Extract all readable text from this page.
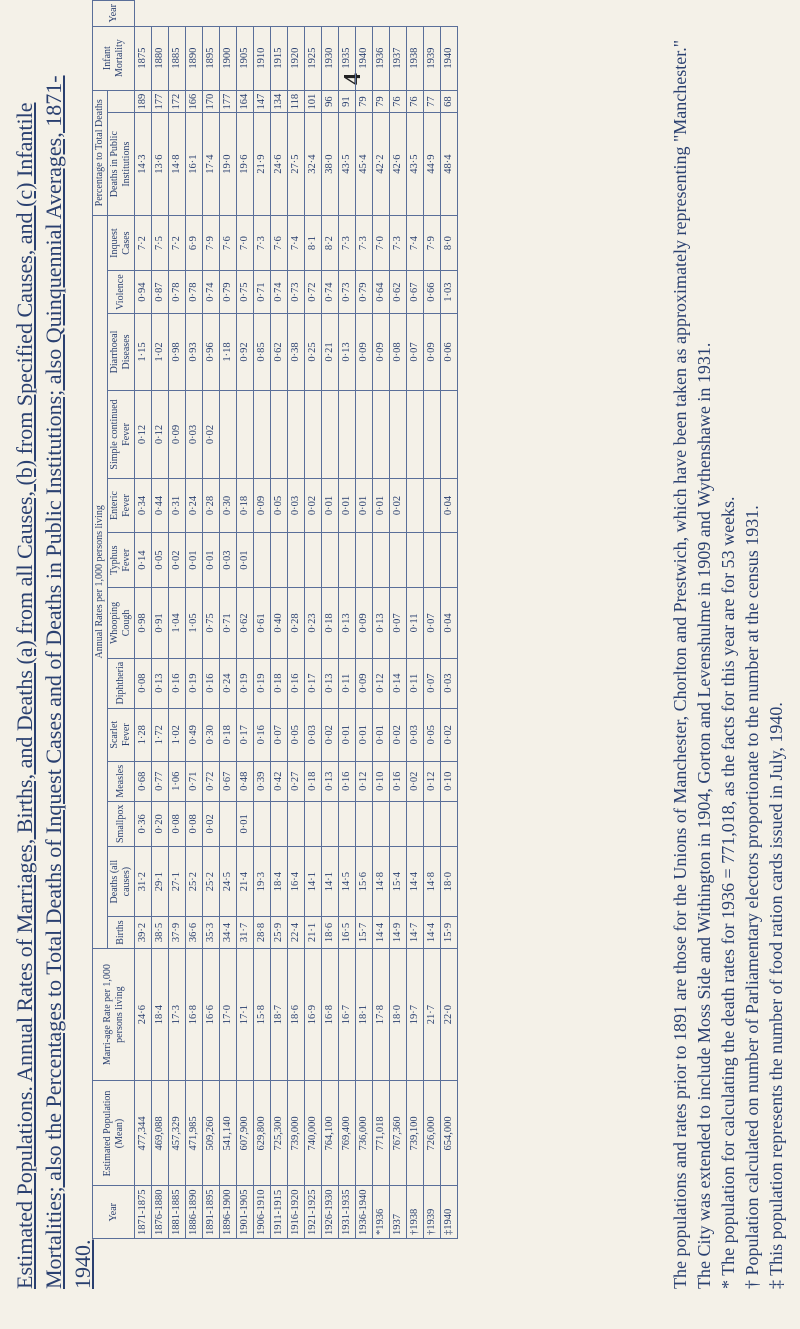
4
Estimated Populations. Annual Rates of Marriages, Births, and Deaths (a) from all Causes, (b) from Specified Causes, and (c) Infantile Mortalities; also the Percentages to Total Deaths of Inquest Cases and of Deaths in Public Institutions; also Quinquennial Averages, 1871-1940.
Year	Estimated Population (Mean)	Marri-age Rate per 1,000 persons living	Annual Rates per 1,000 persons living													Percentage to Total Deaths		Infant Mortality	Year
			Births	Deaths (all causes)	Smallpox	Measles	Scarlet Fever	Diphtheria	Whooping Cough	Typhus Fever	Enteric Fever	Simple continued Fever	Diarrhoeal Diseases	Violence	Inquest Cases	Deaths in Public Institutions			
1871-1875	477,344	24·6	39·2	31·2	0·36	0·68	1·28	0·08	0·98	0·14	0·34	0·12	1·15	0·94	7·2	14·3	189	1875	
1876-1880	469,088	18·4	38·5	29·1	0·20	0·77	1·72	0·13	0·91	0·05	0·44	0·12	1·02	0·87	7·5	13·6	177	1880	
1881-1885	457,329	17·3	37·9	27·1	0·08	1·06	1·02	0·16	1·04	0·02	0·31	0·09	0·98	0·78	7·2	14·8	172	1885	
1886-1890	471,985	16·8	36·6	25·2	0·08	0·71	0·49	0·19	1·05	0·01	0·24	0·03	0·93	0·78	6·9	16·1	166	1890	
1891-1895	509,260	16·6	35·3	25·2	0·02	0·72	0·30	0·16	0·75	0·01	0·28	0·02	0·96	0·74	7·9	17·4	170	1895	
1896-1900	541,140	17·0	34·4	24·5		0·67	0·18	0·24	0·71	0·03	0·30		1·18	0·79	7·6	19·0	177	1900	
1901-1905	607,900	17·1	31·7	21·4	0·01	0·48	0·17	0·19	0·62	0·01	0·18		0·92	0·75	7·0	19·6	164	1905	
1906-1910	629,800	15·8	28·8	19·3		0·39	0·16	0·19	0·61		0·09		0·85	0·71	7·3	21·9	147	1910	
1911-1915	725,300	18·7	25·9	18·4		0·42	0·07	0·18	0·40		0·05		0·62	0·74	7·6	24·6	134	1915	
1916-1920	739,000	18·6	22·4	16·4		0·27	0·05	0·16	0·28		0·03		0·38	0·73	7·4	27·5	118	1920	
1921-1925	740,000	16·9	21·1	14·1		0·18	0·03	0·17	0·23		0·02		0·25	0·72	8·1	32·4	101	1925	
1926-1930	764,100	16·8	18·6	14·1		0·13	0·02	0·13	0·18		0·01		0·21	0·74	8·2	38·0	96	1930	
1931-1935	769,400	16·7	16·5	14·5		0·16	0·01	0·11	0·13		0·01		0·13	0·73	7·3	43·5	91	1935	
1936-1940	736,000	18·1	15·7	15·6		0·12	0·01	0·09	0·09		0·01		0·09	0·79	7·3	45·4	79	1940	
*1936	771,018	17·8	14·4	14·8		0·10	0·01	0·12	0·13		0·01		0·09	0·64	7·0	42·2	79	1936	
1937	767,360	18·0	14·9	15·4		0·16	0·02	0·14	0·07		0·02		0·08	0·62	7·3	42·6	76	1937	
†1938	739,100	19·7	14·7	14·4		0·02	0·03	0·11	0·11				0·07	0·67	7·4	43·5	76	1938	
†1939	726,000	21·7	14·4	14·8		0·12	0·05	0·07	0·07				0·09	0·66	7·9	44·9	77	1939	
‡1940	654,000	22·0	15·9	18·0		0·10	0·02	0·03	0·04		0·04		0·06	1·03	8·0	48·4	68	1940		The populations and rates prior to 1891 are those for the Unions of Manchester, Chorlton and Prestwich, which have been taken as approximately representing "Manchester." The City was extended to include Moss Side and Withington in 1904, Gorton and Levenshulme in 1909 and Wythenshawe in 1931. * The population for calculating the death rates for 1936 = 771,018, as the facts for this year are for 53 weeks. † Population calculated on number of Parliamentary electors proportionate to the number at the census 1931. ‡ This population represents the number of food ration cards issued in July, 1940.
